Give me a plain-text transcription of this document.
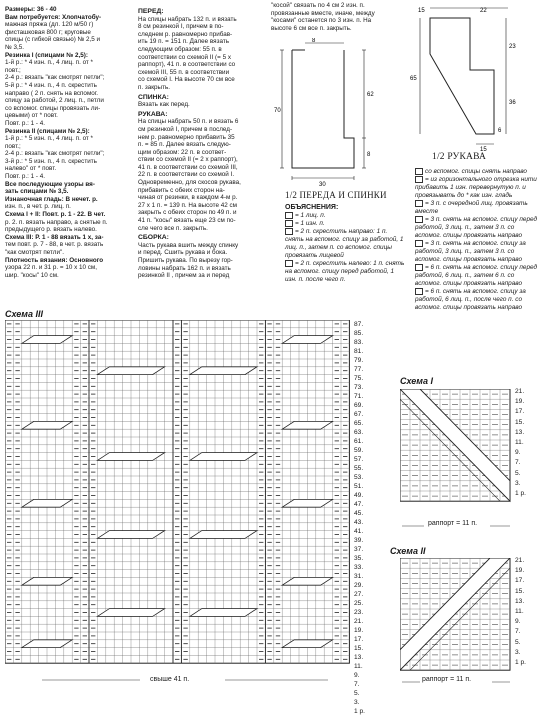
Размеры: 36 - 40

Вам потребуется: Хлопчатобу-

мажная пряжа (дл. 120 м/50 г)

фисташковая 800 г; круговые

спицы (с гибкой связью) № 2,5 и

№ 3,5.

Резинка I (спицами № 2,5):

1-й р.: * 4 изн. п., 4 лиц. п. от *

повт.;

2-4 р.: вязать "как смотрят петли";

5-й р.: * 4 изн. п., 4 п. скрестить

направо ( 2 п. снять на вспомог.

спицу за работой, 2 лиц. п., петли

со вспомог. спицы провязать ли-

цевыми) от * повт.

Повт. р.: 1 - 4.

Резинка II (спицами № 2,5):

1-й р.: * 5 изн. п., 4 лиц. п. от *

повт.;

2-4 р.: вязать "как смотрят петли";

3-й р.: * 5 изн. п., 4 п. скрестить

налево" от * повт.

Повт. р.: 1 - 4.

Все последующие узоры вя-

зать спицами № 3,5.

Изнаночная гладь: В нечет. р.

изн. п., в чет. р. лиц. п.

Схема I + II: Повт. р. 1 - 22. В чет.

р. 2. п. вязать направо, а снятые п.

предыдущего р. вязать налево.

Схема III: Р. 1 - 88 вязать 1 х, за-

тем повт. р. 7 - 88, в чет. р. вязать

"как смотрят петли".

Плотность вязания: Основного

узора 22 п. и 31 р. = 10 х 10 см,

шир. "косы" 10 см.

ПЕРЕД:

На спицы набрать 132 п. и вязать

8 см резинкой I, причем в по-

следнем р. равномерно прибав-

ить 19 п. = 151 п. Далее вязать

следующим образом: 55 п. в

соответствии со схемой II (= 5 х

раппорт), 41 п. в соответствии со

схемой III, 55 п. в соответствии

со схемой I. На высоте 70 см все

п. закрыть.

СПИНКА:

Вязать как перед.

РУКАВА:

На спицы набрать 50 п. и вязать 6

см резинкой I, причем в послед-

нем р. равномерно прибавить 35

п. = 85 п. Далее вязать следую-

щим образом: 22 п. в соответ-

ствии со схемой II (= 2 х раппорт),

41 п. в соответствии со схемой III,

22 п. в соответствии со схемой I.

Одновременно, для скосов рукава,

прибавить с обеих сторон на-

чиная от резинки, в каждом 4-м р.

27 х 1 п. = 139 п. На высоте 42 см

закрыть с обеих сторон по 49 п. и

41 п. "косы" вязать еще 23 см по-

сле чего все п. закрыть.

СБОРКА:

Часть рукава вшить между спинку

и перед. Сшить рукава и бока.

Пришить рукава. По вырезу гор-

ловины набрать 162 п. и вязать

резинкой II , причем за и перед

"косой" связать по 4 см 2 изн. п.

провязанные вместе, иначе, между

"косами" останется по 3 изн. п. На

высоте 6 см все п. закрыть.

8
70
62
8
30
1/2 ПЕРЕДА И СПИНКИ
15	22
23
36
65
6
15
1/2 РУКАВА
ОБЪЯСНЕНИЯ:
= 1 лиц. п.
= 1 изн. п.
= 2 п. скрестить направо: 1 п. снять на вспомог. спицу за работой, 1 лиц. п., затем п. со вспомог. спицы провязать лицевой
= 2 п. скрестить налево: 1 п. снять на вспомог. спицу перед работой, 1 изн. п. после чего п.
со вспомог. спицы снять направо
= из горизонтального отрезка нити прибавить 1 изн. перевернутую п. и провязывать до * как изн. гладь
= 3 п. с очередной лиц. провязать вместе
= 3 п. снять на вспомог. спицу перед работой, 3 лиц. п., затем 3 п. со вспомог. спицы провязать направо
= 3 п. снять на вспомог. спицу за работой, 3 лиц. п., затем 3 п. со вспомог. спицы провязать направо
= 6 п. снять на вспомог. спицу перед работой, 6 лиц. п., затем 6 п. со вспомог. спицы провязать направо
= 6 п. снять на вспомог. спицу за работой, 6 лиц. п., после чего п. со вспомог. спицы провязать направо
Схема III
87.
85.
83.
81.
79.
77.
75.
73.
71.
69.
67.
65.
63.
61.
59.
57.
55.
53.
51.
49.
47.
45.
43.
41.
39.
37.
35.
33.
31.
29.
27.
25.
23.
21.
19.
17.
15.
13.
11.
9.
7.
5.
3.
1 р.
свыше 41 п.
Схема I
21.
19.
17.
15.
13.
11.
9.
7.
5.
3.
1 р.
раппорт = 11 п.
Схема II
21.
19.
17.
15.
13.
11.
9.
7.
5.
3.
1 р.
раппорт = 11 п.
